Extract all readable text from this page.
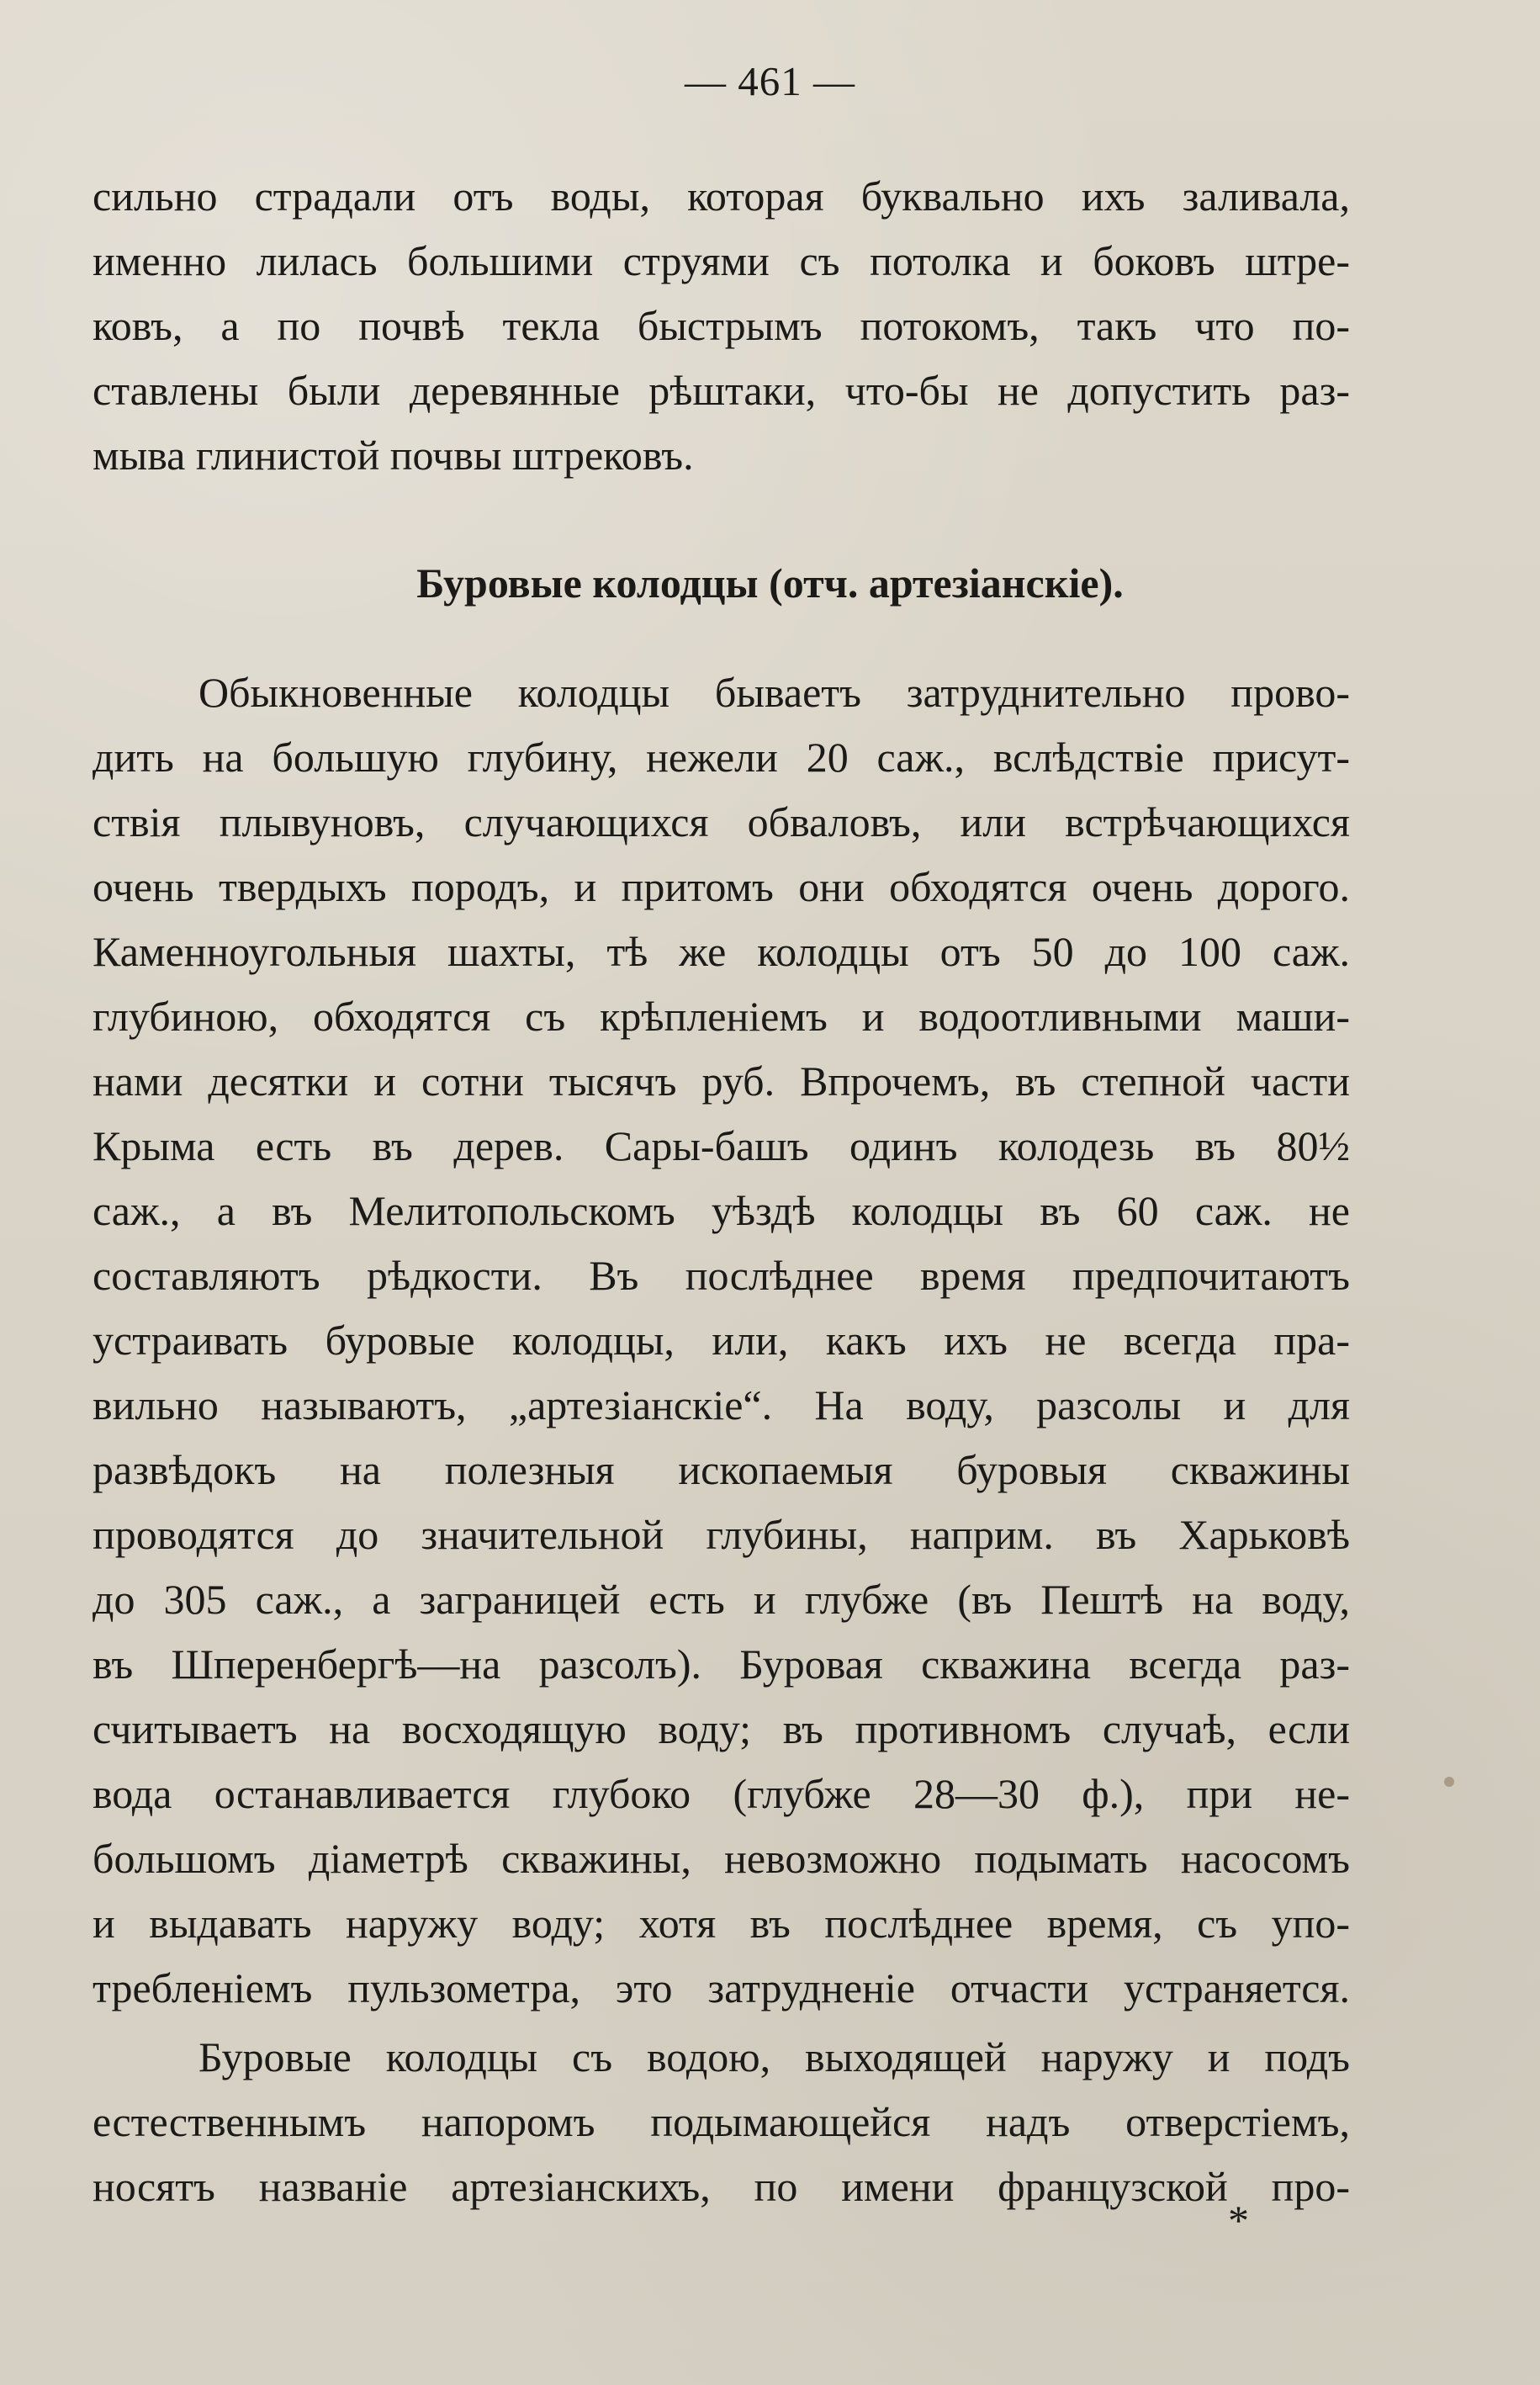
— 461 —
сильно страдали отъ воды, которая буквально ихъ заливала,
именно лилась большими струями съ потолка и боковъ штре-
ковъ, а по почвѣ текла быстрымъ потокомъ, такъ что по-
ставлены были деревянные рѣштаки, что-бы не допустить раз-
мыва глинистой почвы штрековъ.
Буровые колодцы (отч. артезіанскіе).
Обыкновенные колодцы бываетъ затруднительно прово-
дить на большую глубину, нежели 20 саж., вслѣдствіе присут-
ствія плывуновъ, случающихся обваловъ, или встрѣчающихся
очень твердыхъ породъ, и притомъ они обходятся очень дорого.
Каменноугольныя шахты, тѣ же колодцы отъ 50 до 100 саж.
глубиною, обходятся съ крѣпленіемъ и водоотливными маши-
нами десятки и сотни тысячъ руб. Впрочемъ, въ степной части
Крыма есть въ дерев. Сары-башъ одинъ колодезь въ 80½
саж., а въ Мелитопольскомъ уѣздѣ колодцы въ 60 саж. не
составляютъ рѣдкости. Въ послѣднее время предпочитаютъ
устраивать буровые колодцы, или, какъ ихъ не всегда пра-
вильно называютъ, „артезіанскіе“. На воду, разсолы и для
развѣдокъ на полезныя ископаемыя буровыя скважины
проводятся до значительной глубины, наприм. въ Харьковѣ
до 305 саж., а заграницей есть и глубже (въ Пештѣ на воду,
въ Шперенбергѣ—на разсолъ). Буровая скважина всегда раз-
считываетъ на восходящую воду; въ противномъ случаѣ, если
вода останавливается глубоко (глубже 28—30 ф.), при не-
большомъ діаметрѣ скважины, невозможно подымать насосомъ
и выдавать наружу воду; хотя въ послѣднее время, съ упо-
требленіемъ пульзометра, это затрудненіе отчасти устраняется.
Буровые колодцы съ водою, выходящей наружу и подъ
естественнымъ напоромъ подымающейся надъ отверстіемъ,
носятъ названіе артезіанскихъ, по имени французской про-
*
